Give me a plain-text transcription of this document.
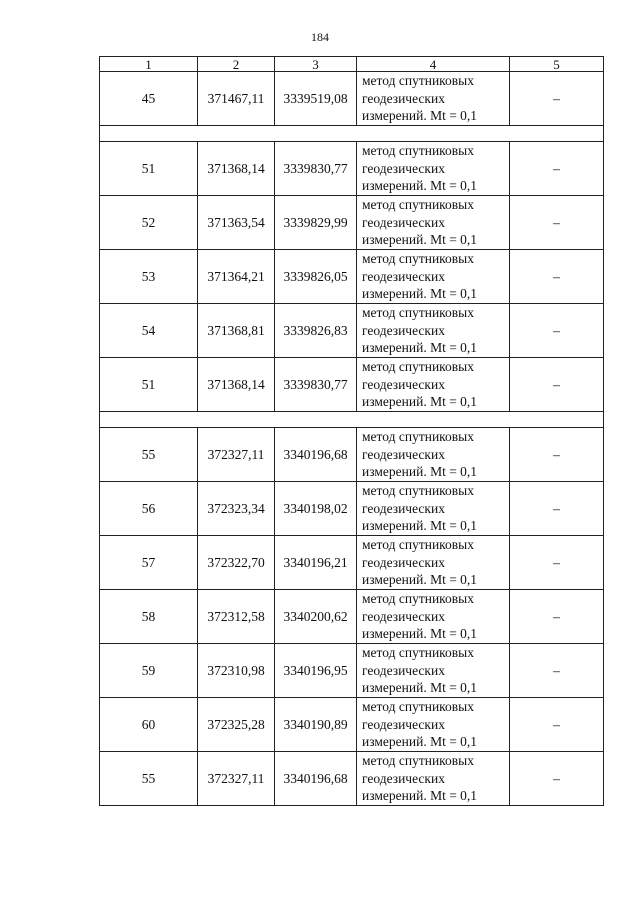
184
1	2	3	4	5
45	371467,11	3339519,08	метод спутниковых
геодезических
измерений. Mt = 0,1	–

51	371368,14	3339830,77	метод спутниковых
геодезических
измерений. Mt = 0,1	–
52	371363,54	3339829,99	метод спутниковых
геодезических
измерений. Mt = 0,1	–
53	371364,21	3339826,05	метод спутниковых
геодезических
измерений. Mt = 0,1	–
54	371368,81	3339826,83	метод спутниковых
геодезических
измерений. Mt = 0,1	–
51	371368,14	3339830,77	метод спутниковых
геодезических
измерений. Mt = 0,1	–

55	372327,11	3340196,68	метод спутниковых
геодезических
измерений. Mt = 0,1	–
56	372323,34	3340198,02	метод спутниковых
геодезических
измерений. Mt = 0,1	–
57	372322,70	3340196,21	метод спутниковых
геодезических
измерений. Mt = 0,1	–
58	372312,58	3340200,62	метод спутниковых
геодезических
измерений. Mt = 0,1	–
59	372310,98	3340196,95	метод спутниковых
геодезических
измерений. Mt = 0,1	–
60	372325,28	3340190,89	метод спутниковых
геодезических
измерений. Mt = 0,1	–
55	372327,11	3340196,68	метод спутниковых
геодезических
измерений. Mt = 0,1	–
